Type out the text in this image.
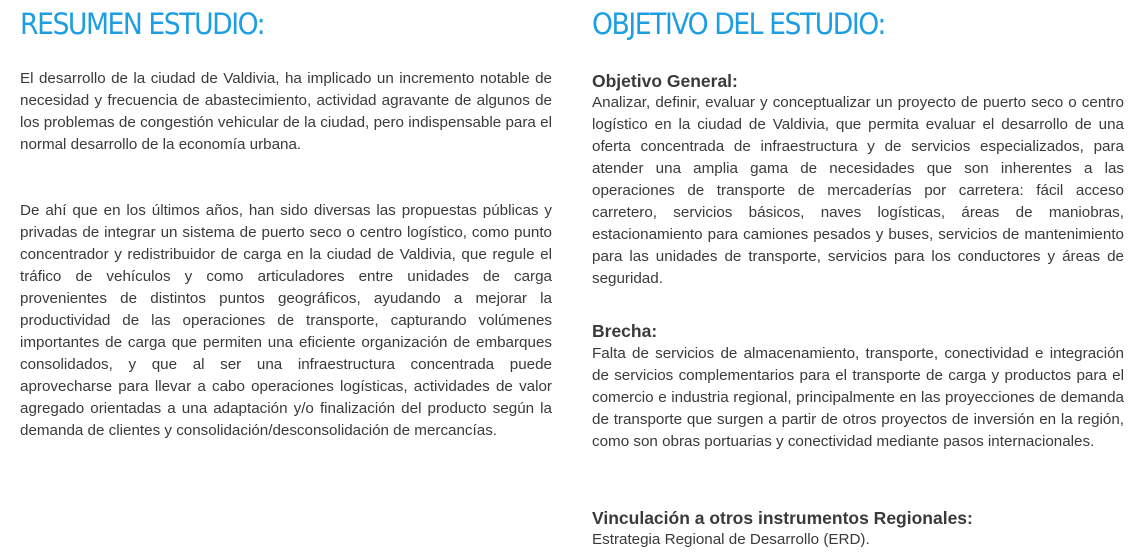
RESUMEN ESTUDIO:

El desarrollo de la ciudad de Valdivia, ha implicado un incremento notable de necesidad y frecuencia de abastecimiento, actividad agravante de algunos de los problemas de congestión vehicular de la ciudad, pero indispensable para el normal desarrollo de la economía urbana.

De ahí que en los últimos años, han sido diversas las propuestas públicas y privadas de integrar un sistema de puerto seco o centro logístico, como punto concentrador y redistribuidor de carga en la ciudad de Valdivia, que regule el tráfico de vehículos y como articuladores entre unidades de carga provenientes de distintos puntos geográficos, ayudando a mejorar la productividad de las operaciones de transporte, capturando volúmenes importantes de carga que permiten una eficiente organización de embarques consolidados, y que al ser una infraestructura concentrada puede aprovecharse para llevar a cabo operaciones logísticas, actividades de valor agregado orientadas a una adaptación y/o finalización del producto según la demanda de clientes y consolidación/desconsolidación de mercancías.

OBJETIVO DEL ESTUDIO:
Objetivo General:

Analizar, definir, evaluar y conceptualizar un proyecto de puerto seco o centro logístico en la ciudad de Valdivia, que permita evaluar el desarrollo de una oferta concentrada de infraestructura y de servicios especializados, para atender una amplia gama de necesidades que son inherentes a las operaciones de transporte de mercaderías por carretera: fácil acceso carretero, servicios básicos, naves logísticas, áreas de maniobras, estacionamiento para camiones pesados y buses, servicios de mantenimiento para las unidades de transporte, servicios para los conductores y áreas de seguridad.

Brecha:

Falta de servicios de almacenamiento, transporte, conectividad e integración de servicios complementarios para el transporte de carga y productos para el comercio e industria regional, principalmente en las proyecciones de demanda de transporte que surgen a partir de otros proyectos de inversión en la región, como son obras portuarias y conectividad mediante pasos internacionales.

Vinculación a otros instrumentos Regionales:

Estrategia Regional de Desarrollo (ERD).
